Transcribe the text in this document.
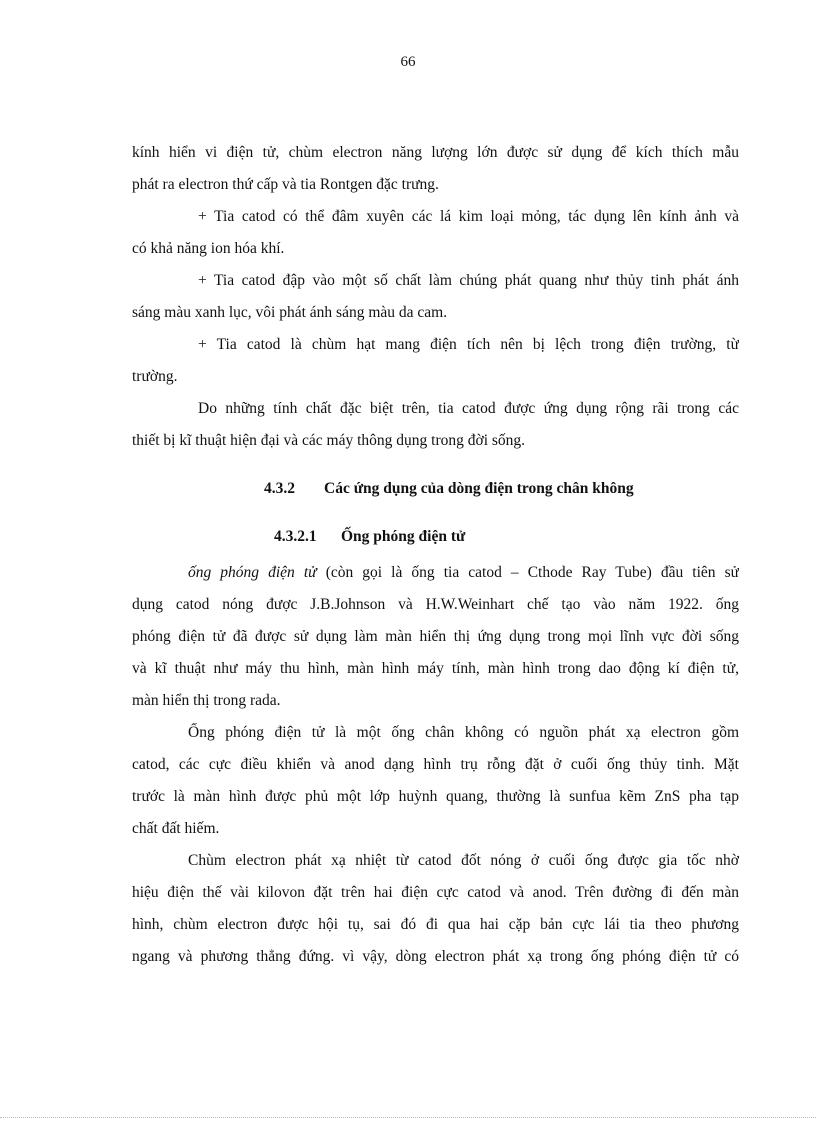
66
kính hiển vi điện tử, chùm electron năng lượng lớn được sử dụng để kích thích mẫu
phát ra electron thứ cấp và tia Rontgen đặc trưng.
+ Tia catod có thể đâm xuyên các lá kim loại mỏng, tác dụng lên kính ảnh và
có khả năng ion hóa khí.
+ Tia catod đập vào một số chất làm chúng phát quang như thủy tinh phát ánh
sáng màu xanh lục, vôi phát ánh sáng màu da cam.
+ Tia catod là chùm hạt mang điện tích nên bị lệch trong điện trường, từ
trường.
Do những tính chất đặc biệt trên, tia catod được ứng dụng rộng rãi trong các
thiết bị kĩ thuật hiện đại và các máy thông dụng trong đời sống.
4.3.2 Các ứng dụng của dòng điện trong chân không
4.3.2.1 Ống phóng điện tử
ống phóng điện tử (còn gọi là ống tia catod – Cthode Ray Tube) đầu tiên sử
dụng catod nóng được J.B.Johnson và H.W.Weinhart chế tạo vào năm 1922. ống
phóng điện tử đã được sử dụng làm màn hiển thị ứng dụng trong mọi lĩnh vực đời sống
và kĩ thuật như máy thu hình, màn hình máy tính, màn hình trong dao động kí điện tử,
màn hiển thị trong rada.
Ống phóng điện tử là một ống chân không có nguồn phát xạ electron gồm
catod, các cực điều khiển và anod dạng hình trụ rỗng đặt ở cuối ống thủy tinh. Mặt
trước là màn hình được phủ một lớp huỳnh quang, thường là sunfua kẽm ZnS pha tạp
chất đất hiếm.
Chùm electron phát xạ nhiệt từ catod đốt nóng ở cuối ống được gia tốc nhờ
hiệu điện thế vài kilovon đặt trên hai điện cực catod và anod. Trên đường đi đến màn
hình, chùm electron được hội tụ, sai đó đi qua hai cặp bản cực lái tia theo phương
ngang và phương thẳng đứng. vì vậy, dòng electron phát xạ trong ống phóng điện tử có
